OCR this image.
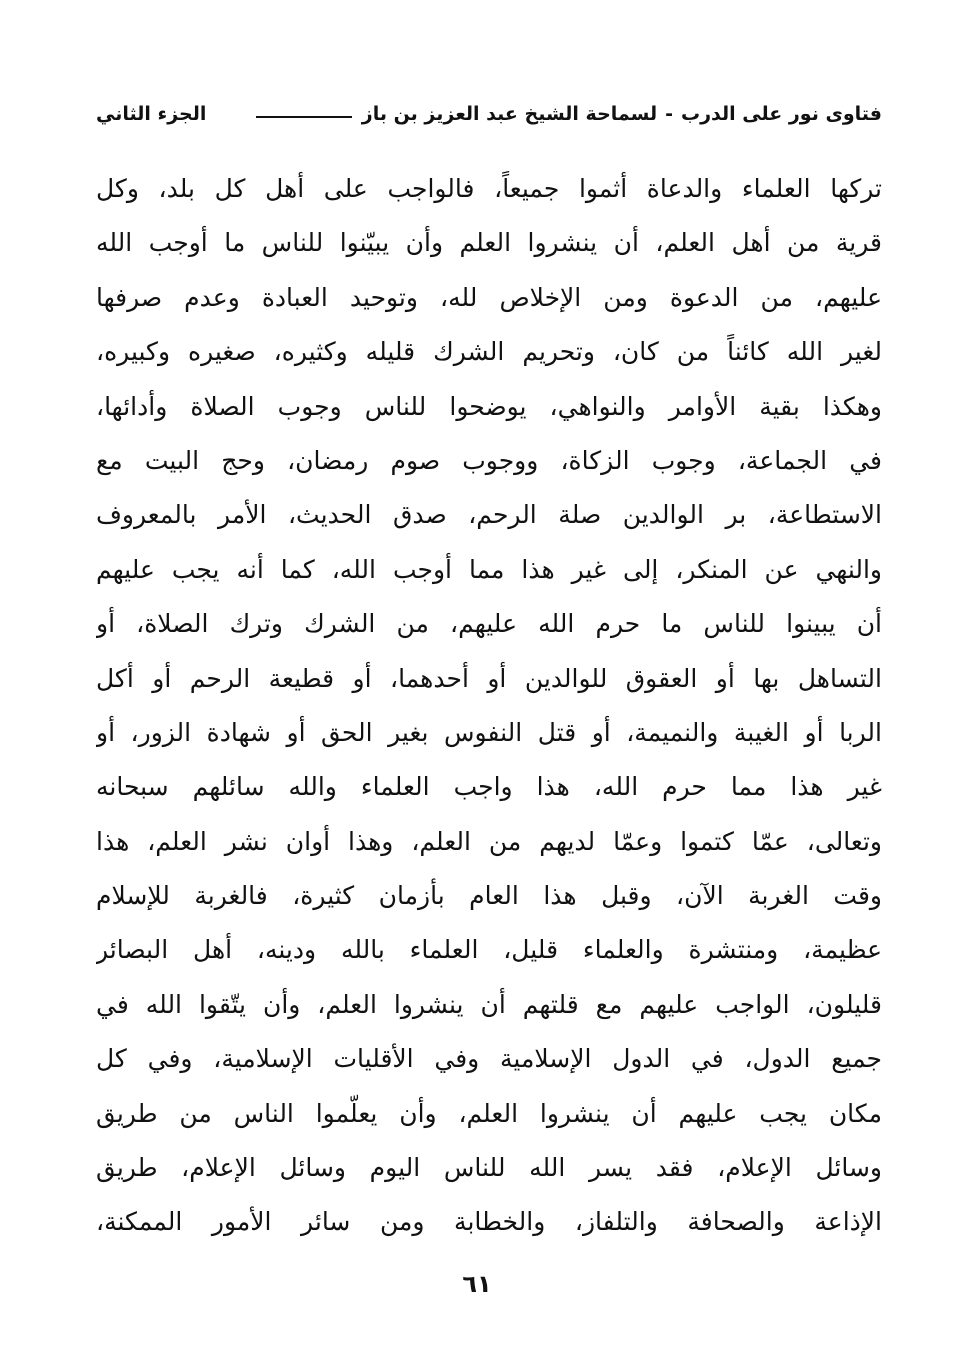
فتاوى نور على الدرب
-
لسماحة الشيخ عبد العزيز بن باز
الجزء الثاني
تركها العلماء والدعاة أثموا جميعاً، فالواجب على أهل كل بلد، وكل
قرية من أهل العلم، أن ينشروا العلم وأن يبيّنوا للناس ما أوجب الله
عليهم، من الدعوة ومن الإخلاص لله، وتوحيد العبادة وعدم صرفها
لغير الله كائناً من كان، وتحريم الشرك قليله وكثيره، صغيره وكبيره،
وهكذا بقية الأوامر والنواهي، يوضحوا للناس وجوب الصلاة وأدائها،
في الجماعة، وجوب الزكاة، ووجوب صوم رمضان، وحج البيت مع
الاستطاعة، بر الوالدين صلة الرحم، صدق الحديث، الأمر بالمعروف
والنهي عن المنكر، إلى غير هذا مما أوجب الله، كما أنه يجب عليهم
أن يبينوا للناس ما حرم الله عليهم، من الشرك وترك الصلاة، أو
التساهل بها أو العقوق للوالدين أو أحدهما، أو قطيعة الرحم أو أكل
الربا أو الغيبة والنميمة، أو قتل النفوس بغير الحق أو شهادة الزور، أو
غير هذا مما حرم الله، هذا واجب العلماء والله سائلهم سبحانه
وتعالى، عمّا كتموا وعمّا لديهم من العلم، وهذا أوان نشر العلم، هذا
وقت الغربة الآن، وقبل هذا العام بأزمان كثيرة، فالغربة للإسلام
عظيمة، ومنتشرة والعلماء قليل، العلماء بالله ودينه، أهل البصائر
قليلون، الواجب عليهم مع قلتهم أن ينشروا العلم، وأن يتّقوا الله في
جميع الدول، في الدول الإسلامية وفي الأقليات الإسلامية، وفي كل
مكان يجب عليهم أن ينشروا العلم، وأن يعلّموا الناس من طريق
وسائل الإعلام، فقد يسر الله للناس اليوم وسائل الإعلام، طريق
الإذاعة والصحافة والتلفاز، والخطابة ومن سائر الأمور الممكنة،
٦١
